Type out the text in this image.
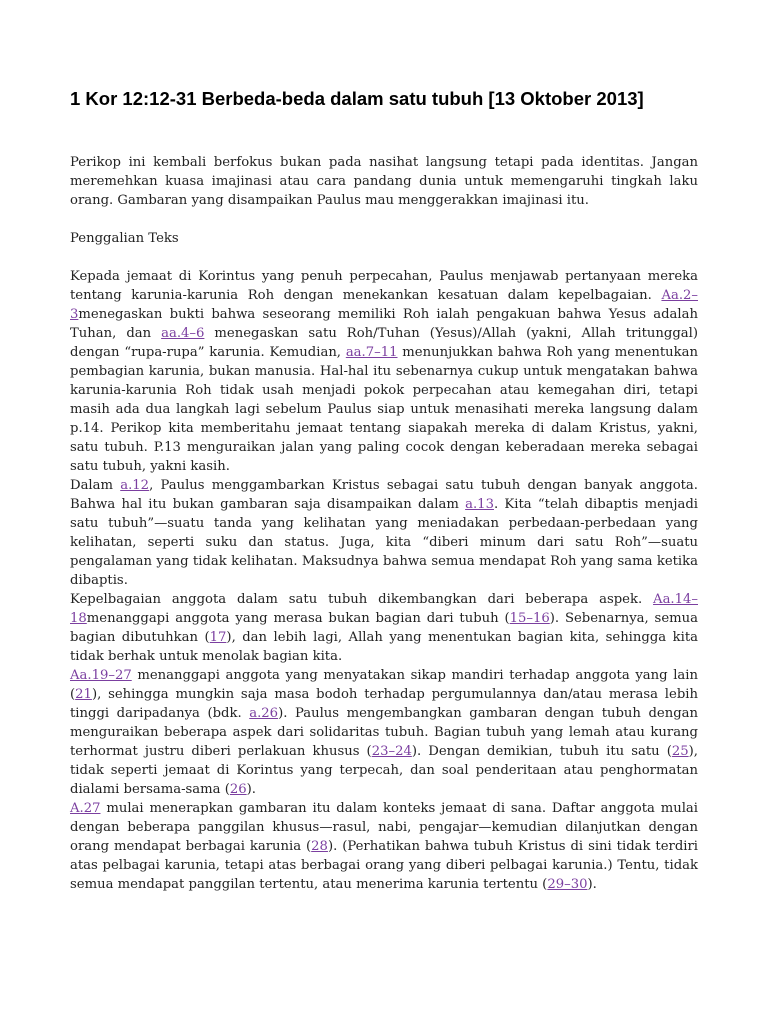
1 Kor 12:12-31 Berbeda-beda dalam satu tubuh [13 Oktober 2013]

Perikop ini kembali berfokus bukan pada nasihat langsung tetapi pada identitas. Jangan meremehkan kuasa imajinasi atau cara pandang dunia untuk memengaruhi tingkah laku orang. Gambaran yang disampaikan Paulus mau menggerakkan imajinasi itu.

Penggalian Teks

Kepada jemaat di Korintus yang penuh perpecahan, Paulus menjawab pertanyaan mereka tentang karunia-karunia Roh dengan menekankan kesatuan dalam kepelbagaian. Aa.2–3menegaskan bukti bahwa seseorang memiliki Roh ialah pengakuan bahwa Yesus adalah Tuhan, dan aa.4–6 menegaskan satu Roh/Tuhan (Yesus)/Allah (yakni, Allah tritunggal) dengan “rupa-rupa” karunia. Kemudian, aa.7–11 menunjukkan bahwa Roh yang menentukan pembagian karunia, bukan manusia. Hal-hal itu sebenarnya cukup untuk mengatakan bahwa karunia-karunia Roh tidak usah menjadi pokok perpecahan atau kemegahan diri, tetapi masih ada dua langkah lagi sebelum Paulus siap untuk menasihati mereka langsung dalam p.14. Perikop kita memberitahu jemaat tentang siapakah mereka di dalam Kristus, yakni, satu tubuh. P.13 menguraikan jalan yang paling cocok dengan keberadaan mereka sebagai satu tubuh, yakni kasih.

Dalam a.12, Paulus menggambarkan Kristus sebagai satu tubuh dengan banyak anggota. Bahwa hal itu bukan gambaran saja disampaikan dalam a.13. Kita “telah dibaptis menjadi satu tubuh”—suatu tanda yang kelihatan yang meniadakan perbedaan-perbedaan yang kelihatan, seperti suku dan status. Juga, kita “diberi minum dari satu Roh”—suatu pengalaman yang tidak kelihatan. Maksudnya bahwa semua mendapat Roh yang sama ketika dibaptis.

Kepelbagaian anggota dalam satu tubuh dikembangkan dari beberapa aspek. Aa.14–18menanggapi anggota yang merasa bukan bagian dari tubuh (15–16). Sebenarnya, semua bagian dibutuhkan (17), dan lebih lagi, Allah yang menentukan bagian kita, sehingga kita tidak berhak untuk menolak bagian kita.

Aa.19–27 menanggapi anggota yang menyatakan sikap mandiri terhadap anggota yang lain (21), sehingga mungkin saja masa bodoh terhadap pergumulannya dan/atau merasa lebih tinggi daripadanya (bdk. a.26). Paulus mengembangkan gambaran dengan tubuh dengan menguraikan beberapa aspek dari solidaritas tubuh. Bagian tubuh yang lemah atau kurang terhormat justru diberi perlakuan khusus (23–24). Dengan demikian, tubuh itu satu (25), tidak seperti jemaat di Korintus yang terpecah, dan soal penderitaan atau penghormatan dialami bersama-sama (26).

A.27 mulai menerapkan gambaran itu dalam konteks jemaat di sana. Daftar anggota mulai dengan beberapa panggilan khusus—rasul, nabi, pengajar—kemudian dilanjutkan dengan orang mendapat berbagai karunia (28). (Perhatikan bahwa tubuh Kristus di sini tidak terdiri atas pelbagai karunia, tetapi atas berbagai orang yang diberi pelbagai karunia.) Tentu, tidak semua mendapat panggilan tertentu, atau menerima karunia tertentu (29–30).
